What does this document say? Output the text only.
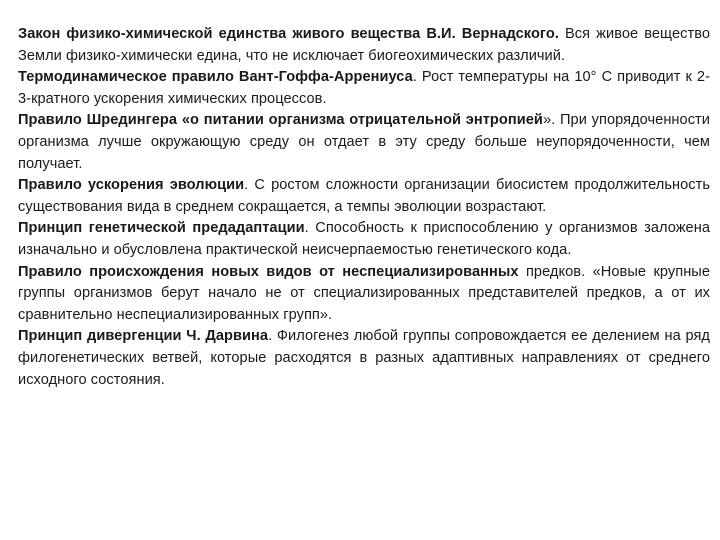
Закон физико-химической единства живого вещества В.И. Вернадского. Вся живое вещество Земли физико-химически едина, что не исключает биогеохимических различий.

Термодинамическое правило Вант-Гоффа-Аррениуса. Рост температуры на 10° С приводит к 2-3-кратного ускорения химических процессов.

Правило Шредингера «о питании организма отрицательной энтропией». При упорядоченности организма лучше окружающую среду он отдает в эту среду больше неупорядоченности, чем получает.

Правило ускорения эволюции. С ростом сложности организации биосистем продолжительность существования вида в среднем сокращается, а темпы эволюции возрастают.

Принцип генетической предадаптации. Способность к приспособлению у организмов заложена изначально и обусловлена практической неисчерпаемостью генетического кода.

Правило происхождения новых видов от неспециализированных предков. «Новые крупные группы организмов берут начало не от специализированных представителей предков, а от их сравнительно неспециализированных групп».

Принцип дивергенции Ч. Дарвина. Филогенез любой группы сопровождается ее делением на ряд филогенетических ветвей, которые расходятся в разных адаптивных направлениях от среднего исходного состояния.
